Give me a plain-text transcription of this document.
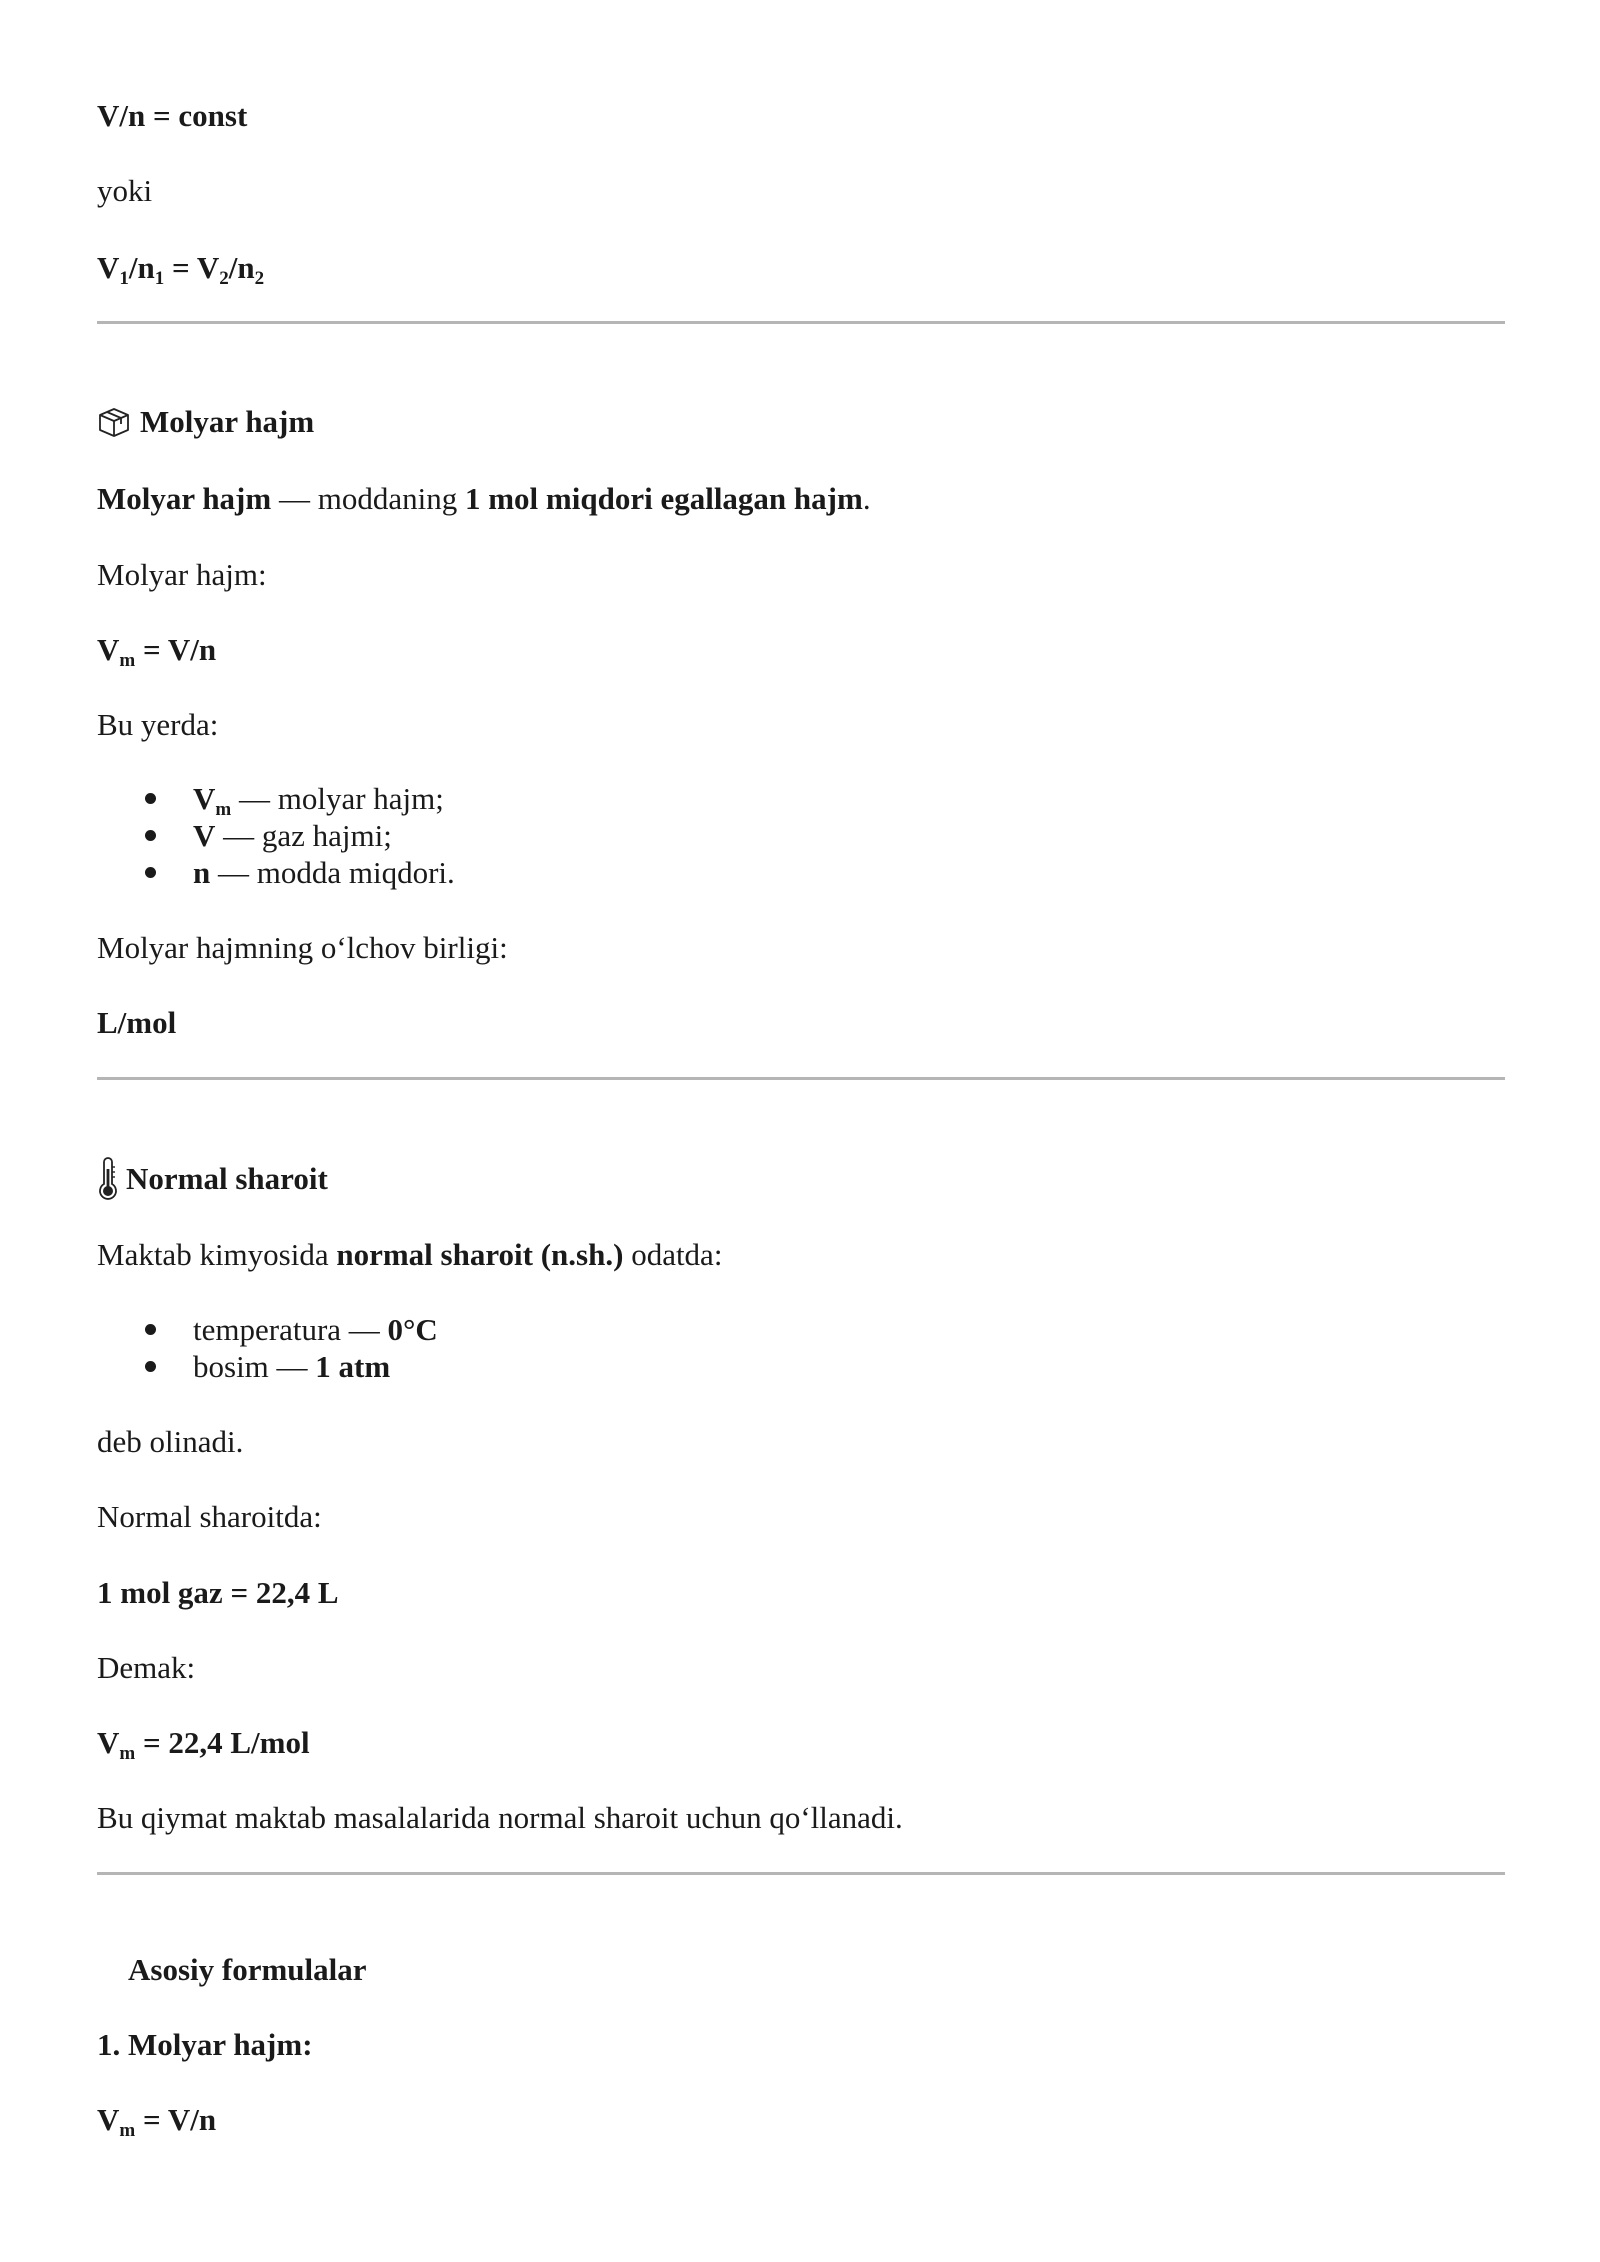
V/n = const
yoki
$V_1/n_1 = V_2/n_2$
Molyar hajm
Molyar hajm — moddaning 1 mol miqdori egallagan hajm.
Molyar hajm:
$V_m = V/n$
Bu yerda:
$V_m$ — molyar hajm;
V — gaz hajmi;
n — modda miqdori.
Molyar hajmning o‘lchov birligi:
L/mol
Normal sharoit
Maktab kimyosida normal sharoit (n.sh.) odatda:
temperatura — 0°C
bosim — 1 atm
deb olinadi.
Normal sharoitda:
1 mol gaz = 22,4 L
Demak:
$V_m = 22,4$ L/mol
Bu qiymat maktab masalalarida normal sharoit uchun qo‘llanadi.
Asosiy formulalar
1. Molyar hajm:
$V_m = V/n$
